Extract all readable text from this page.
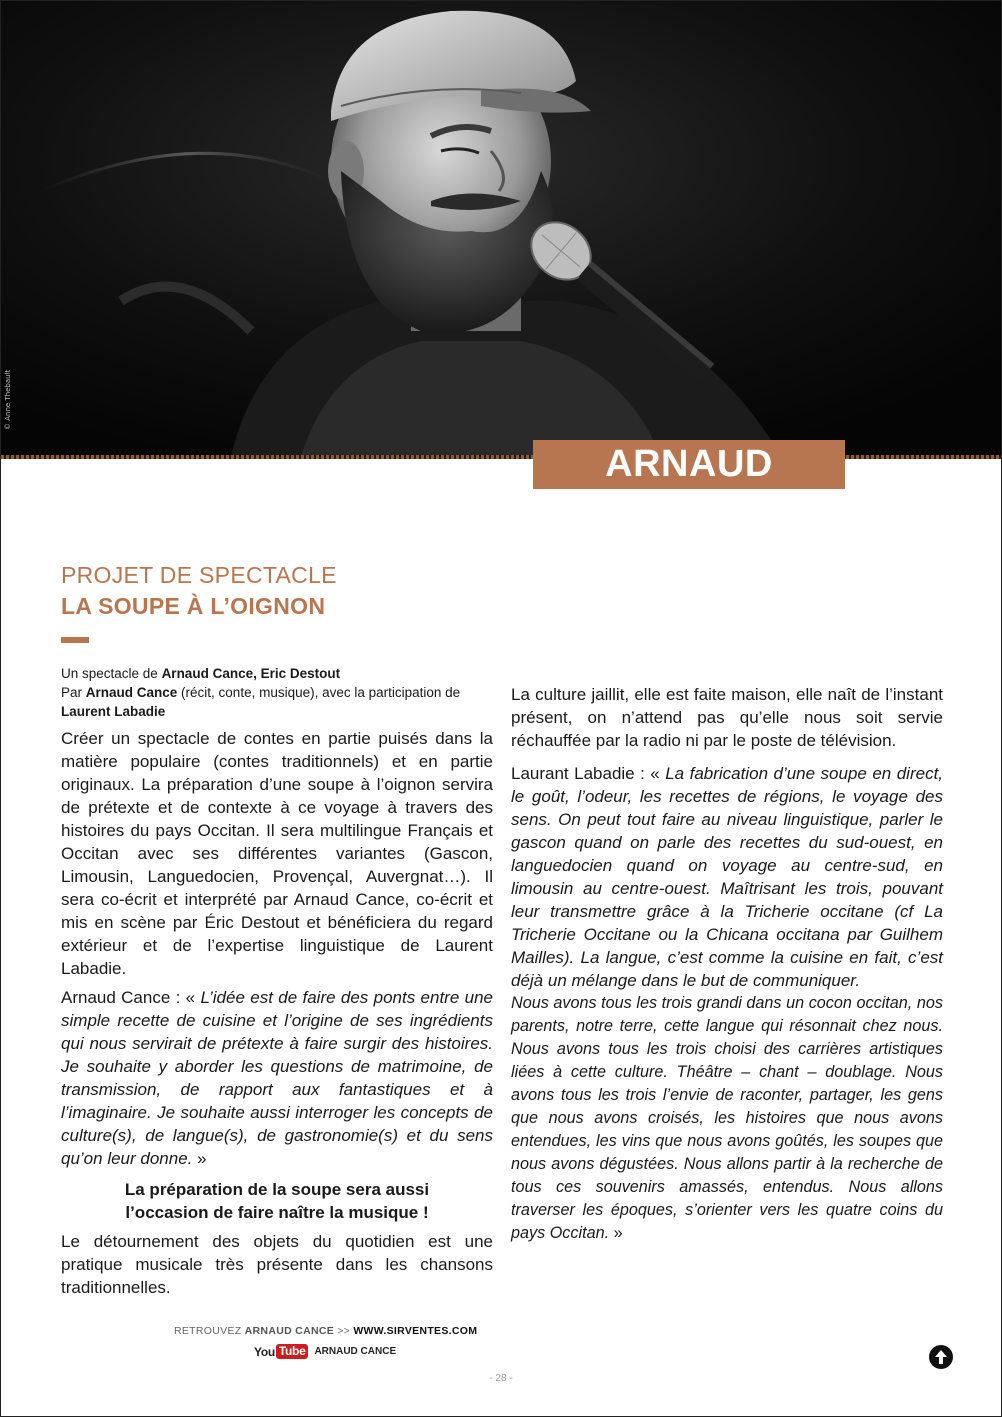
© Anne Thebault
ARNAUD CANCE
PROJET DE SPECTACLE
LA SOUPE À L’OIGNON
Un spectacle de Arnaud Cance, Eric Destout
Par Arnaud Cance (récit, conte, musique), avec la participation de
Laurent Labadie

Créer un spectacle de contes en partie puisés dans la matière populaire (contes traditionnels) et en partie originaux. La préparation d’une soupe à l’oignon servira de prétexte et de contexte à ce voyage à travers des histoires du pays Occitan. Il sera multilingue Français et Occitan avec ses différentes variantes (Gascon, Limousin, Languedocien, Provençal, Auvergnat…). Il sera co-écrit et interprété par Arnaud Cance, co-écrit et mis en scène par Éric Destout et bénéficiera du regard extérieur et de l’expertise linguistique de Laurent Labadie.

Arnaud Cance : « L’idée est de faire des ponts entre une simple recette de cuisine et l’origine de ses ingrédients qui nous servirait de prétexte à faire surgir des histoires. Je souhaite y aborder les questions de matrimoine, de transmission, de rapport aux fantastiques et à l’imaginaire. Je souhaite aussi interroger les concepts de culture(s), de langue(s), de gastronomie(s) et du sens qu’on leur donne. »

La préparation de la soupe sera aussi
l’occasion de faire naître la musique !

Le détournement des objets du quotidien est une pratique musicale très présente dans les chansons traditionnelles.

La culture jaillit, elle est faite maison, elle naît de l’instant présent, on n’attend pas qu’elle nous soit servie réchauffée par la radio ni par le poste de télévision.

Laurant Labadie : « La fabrication d’une soupe en direct, le goût, l’odeur, les recettes de régions, le voyage des sens. On peut tout faire au niveau linguistique, parler le gascon quand on parle des recettes du sud-ouest, en languedocien quand on voyage au centre-sud, en limousin au centre-ouest. Maîtrisant les trois, pouvant leur transmettre grâce à la Tricherie occitane (cf La Tricherie Occitane ou la Chicana occitana par Guilhem Mailles). La langue, c’est comme la cuisine en fait, c’est déjà un mélange dans le but de communiquer.

Nous avons tous les trois grandi dans un cocon occitan, nos parents, notre terre, cette langue qui résonnait chez nous. Nous avons tous les trois choisi des carrières artistiques liées à cette culture. Théâtre – chant – doublage. Nous avons tous les trois l’envie de raconter, partager, les gens que nous avons croisés, les histoires que nous avons entendues, les vins que nous avons goûtés, les soupes que nous avons dégustées. Nous allons partir à la recherche de tous ces souvenirs amassés, entendus. Nous allons traverser les époques, s’orienter vers les quatre coins du pays Occitan. »

RETROUVEZ ARNAUD CANCE >> WWW.SIRVENTES.COM
You Tube ARNAUD CANCE
- 28 -
